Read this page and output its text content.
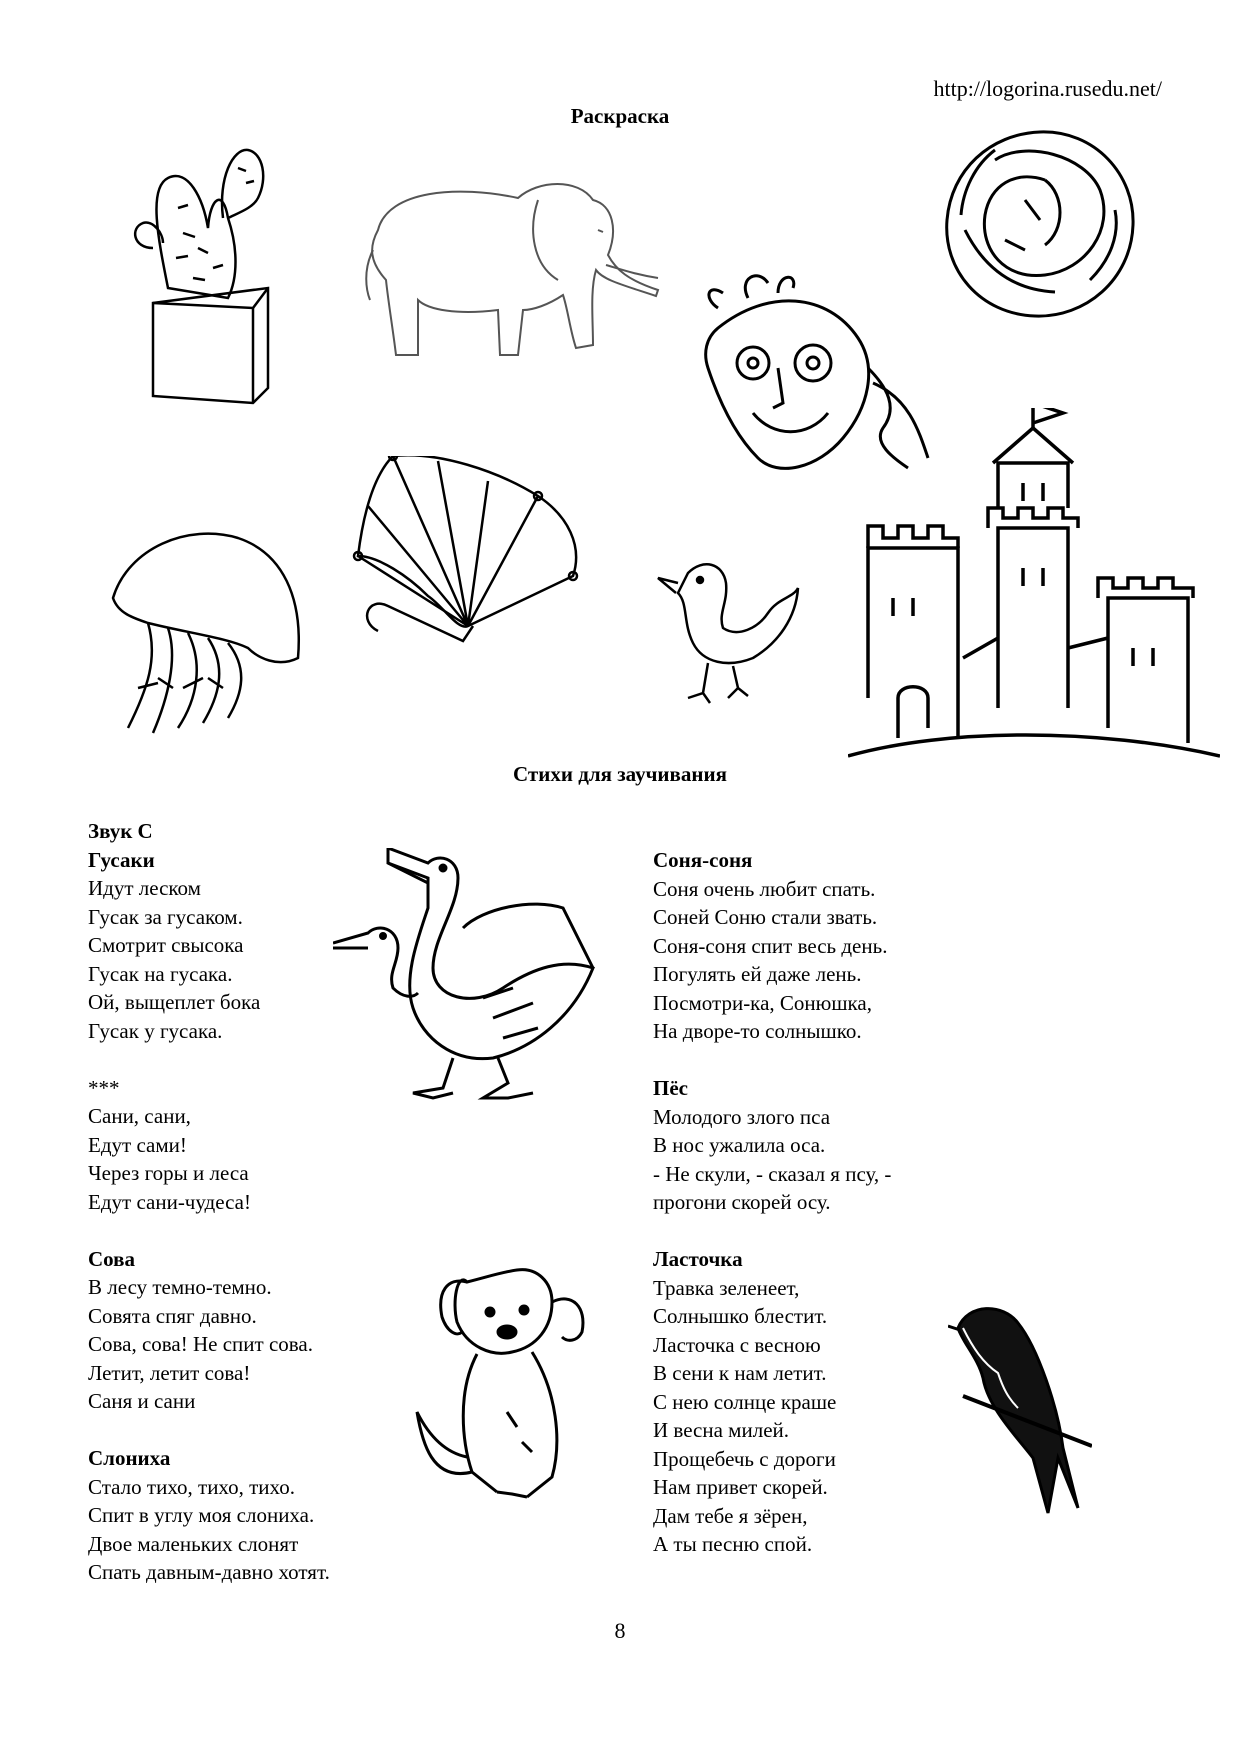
http://logorina.rusedu.net/
Раскраска
Стихи для заучивания
Звук С
Гусаки
Идут леском
Гусак за гусаком.
Смотрит свысока
Гусак на гусака.
Ой, выщеплет бока
Гусак у гусака.
***
Сани, сани,
Едут сами!
Через горы и леса
Едут сани-чудеса!
Сова
В лесу темно-темно.
Совята спяг давно.
Сова, сова! Не спит сова.
Летит, летит сова!
Саня и сани
Слониха
Стало тихо, тихо, тихо.
Спит в углу моя слониха.
Двое маленьких слонят
Спать давным-давно хотят.
Соня-соня
Соня очень любит спать.
Соней Соню стали звать.
Соня-соня спит весь день.
Погулять ей даже лень.
Посмотри-ка, Сонюшка,
На дворе-то солнышко.
Пёс
Молодого злого пса
В нос ужалила оса.
- Не скули, - сказал я псу, -
прогони скорей осу.
Ласточка
Травка зеленеет,
Солнышко блестит.
Ласточка с весною
В сени к нам летит.
С нею солнце краше
И весна милей.
Прощебечь с дороги
Нам привет скорей.
Дам тебе я зёрен,
А ты песню спой.
8
